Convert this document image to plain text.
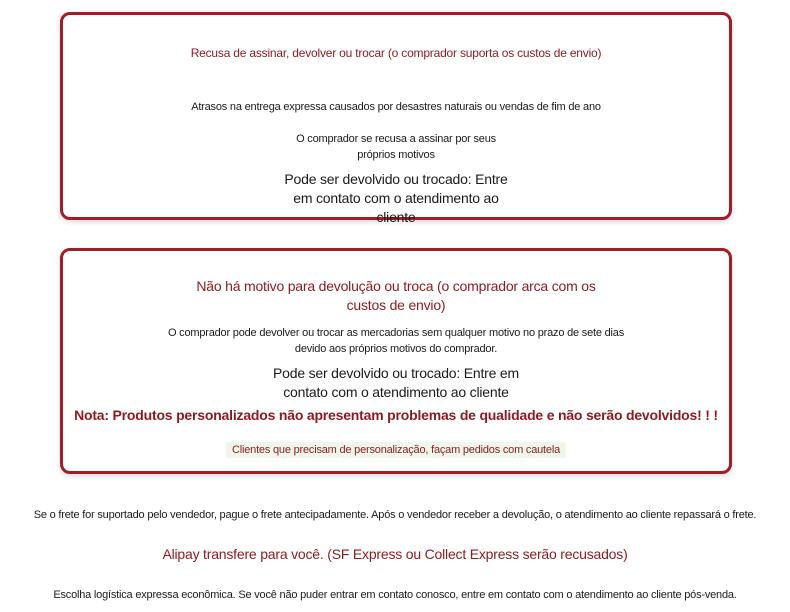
Recusa de assinar, devolver ou trocar (o comprador suporta os custos de envio)
Atrasos na entrega expressa causados por desastres naturais ou vendas de fim de ano
O comprador se recusa a assinar por seus próprios motivos
Pode ser devolvido ou trocado: Entre em contato com o atendimento ao cliente
Não há motivo para devolução ou troca (o comprador arca com os custos de envio)
O comprador pode devolver ou trocar as mercadorias sem qualquer motivo no prazo de sete dias devido aos próprios motivos do comprador.
Pode ser devolvido ou trocado: Entre em contato com o atendimento ao cliente
Nota: Produtos personalizados não apresentam problemas de qualidade e não serão devolvidos! ! !
Clientes que precisam de personalização, façam pedidos com cautela
Se o frete for suportado pelo vendedor, pague o frete antecipadamente. Após o vendedor receber a devolução, o atendimento ao cliente repassará o frete.
Alipay transfere para você. (SF Express ou Collect Express serão recusados)
Escolha logística expressa econômica. Se você não puder entrar em contato conosco, entre em contato com o atendimento ao cliente pós-venda.
